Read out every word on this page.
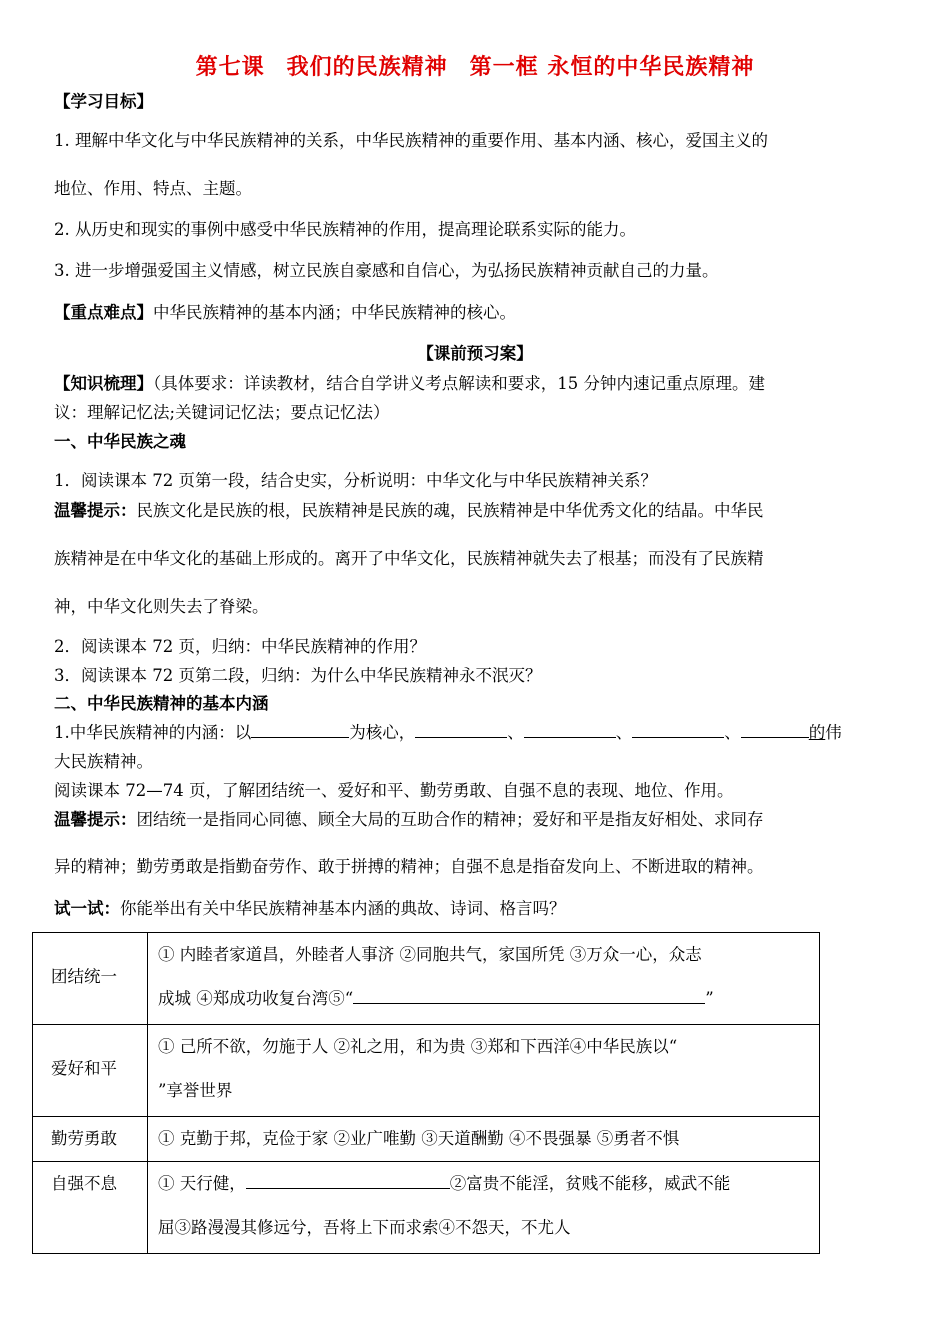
第七课 我们的民族精神 第一框 永恒的中华民族精神
【学习目标】
1. 理解中华文化与中华民族精神的关系，中华民族精神的重要作用、基本内涵、核心，爱国主义的
地位、作用、特点、主题。
2. 从历史和现实的事例中感受中华民族精神的作用，提高理论联系实际的能力。
3. 进一步增强爱国主义情感，树立民族自豪感和自信心，为弘扬民族精神贡献自己的力量。
【重点难点】中华民族精神的基本内涵；中华民族精神的核心。
【课前预习案】
【知识梳理】（具体要求：详读教材，结合自学讲义考点解读和要求，15 分钟内速记重点原理。建
议：理解记忆法;关键词记忆法；要点记忆法）
一、中华民族之魂
1．阅读课本 72 页第一段，结合史实，分析说明：中华文化与中华民族精神关系？
温馨提示：民族文化是民族的根，民族精神是民族的魂，民族精神是中华优秀文化的结晶。中华民
族精神是在中华文化的基础上形成的。离开了中华文化，民族精神就失去了根基；而没有了民族精
神，中华文化则失去了脊梁。
2．阅读课本 72 页，归纳：中华民族精神的作用？
3．阅读课本 72 页第二段，归纳：为什么中华民族精神永不泯灭？
二、中华民族精神的基本内涵
1.中华民族精神的内涵：以	为核心，	、	、	、	的伟
大民族精神。
阅读课本 72—74 页，了解团结统一、爱好和平、勤劳勇敢、自强不息的表现、地位、作用。
温馨提示：团结统一是指同心同德、顾全大局的互助合作的精神；爱好和平是指友好相处、求同存
异的精神；勤劳勇敢是指勤奋劳作、敢于拼搏的精神；自强不息是指奋发向上、不断进取的精神。
试一试：你能举出有关中华民族精神基本内涵的典故、诗词、格言吗？
团结统一	① 内睦者家道昌，外睦者人事济 ②同胞共气，家国所凭 ③万众一心，众志
成城 ④郑成功收复台湾⑤“ ”

爱好和平	① 己所不欲，勿施于人 ②礼之用，和为贵 ③郑和下西洋④中华民族以“
”享誉世界

勤劳勇敢	① 克勤于邦，克俭于家 ②业广唯勤 ③天道酬勤 ④不畏强暴 ⑤勇者不惧

自强不息	① 天行健， ②富贵不能淫，贫贱不能移，威武不能
屈③路漫漫其修远兮，吾将上下而求索④不怨天，不尤人
